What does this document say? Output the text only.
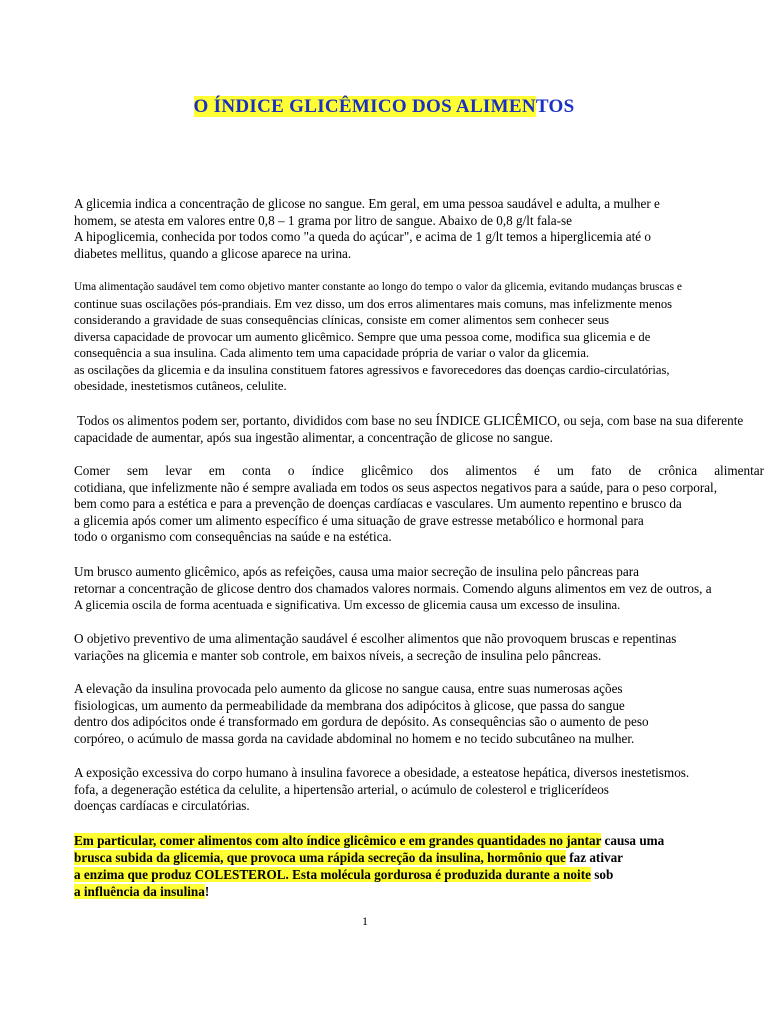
O ÍNDICE GLICÊMICO DOS ALIMENTOS
A glicemia indica a concentração de glicose no sangue. Em geral, em uma pessoa saudável e adulta, a mulher e
homem, se atesta em valores entre 0,8 – 1 grama por litro de sangue. Abaixo de 0,8 g/lt fala-se
A hipoglicemia, conhecida por todos como "a queda do açúcar", e acima de 1 g/lt temos a hiperglicemia até o
diabetes mellitus, quando a glicose aparece na urina.
Uma alimentação saudável tem como objetivo manter constante ao longo do tempo o valor da glicemia, evitando mudanças bruscas e
continue suas oscilações pós-prandiais. Em vez disso, um dos erros alimentares mais comuns, mas infelizmente menos
considerando a gravidade de suas consequências clínicas, consiste em comer alimentos sem conhecer seus
diversa capacidade de provocar um aumento glicêmico. Sempre que uma pessoa come, modifica sua glicemia e de
consequência a sua insulina. Cada alimento tem uma capacidade própria de variar o valor da glicemia.
as oscilações da glicemia e da insulina constituem fatores agressivos e favorecedores das doenças cardio-circulatórias,
obesidade, inestetismos cutâneos, celulite.
Todos os alimentos podem ser, portanto, divididos com base no seu ÍNDICE GLICÊMICO, ou seja, com base na sua diferente
capacidade de aumentar, após sua ingestão alimentar, a concentração de glicose no sangue.
Comer sem levar em conta o índice glicêmico dos alimentos é um fato de crônica alimentar
cotidiana, que infelizmente não é sempre avaliada em todos os seus aspectos negativos para a saúde, para o peso corporal,
bem como para a estética e para a prevenção de doenças cardíacas e vasculares. Um aumento repentino e brusco da
a glicemia após comer um alimento específico é uma situação de grave estresse metabólico e hormonal para
todo o organismo com consequências na saúde e na estética.
Um brusco aumento glicêmico, após as refeições, causa uma maior secreção de insulina pelo pâncreas para
retornar a concentração de glicose dentro dos chamados valores normais. Comendo alguns alimentos em vez de outros, a
A glicemia oscila de forma acentuada e significativa. Um excesso de glicemia causa um excesso de insulina.
O objetivo preventivo de uma alimentação saudável é escolher alimentos que não provoquem bruscas e repentinas
variações na glicemia e manter sob controle, em baixos níveis, a secreção de insulina pelo pâncreas.
A elevação da insulina provocada pelo aumento da glicose no sangue causa, entre suas numerosas ações
fisiologicas, um aumento da permeabilidade da membrana dos adipócitos à glicose, que passa do sangue
dentro dos adipócitos onde é transformado em gordura de depósito. As consequências são o aumento de peso
corpóreo, o acúmulo de massa gorda na cavidade abdominal no homem e no tecido subcutâneo na mulher.
A exposição excessiva do corpo humano à insulina favorece a obesidade, a esteatose hepática, diversos inestetismos.
fofa, a degeneração estética da celulite, a hipertensão arterial, o acúmulo de colesterol e triglicerídeos
doenças cardíacas e circulatórias.
Em particular, comer alimentos com alto índice glicêmico e em grandes quantidades no jantar causa uma
brusca subida da glicemia, que provoca uma rápida secreção da insulina, hormônio que faz ativar
a enzima que produz COLESTEROL. Esta molécula gordurosa é produzida durante a noite sob
a influência da insulina!
1
